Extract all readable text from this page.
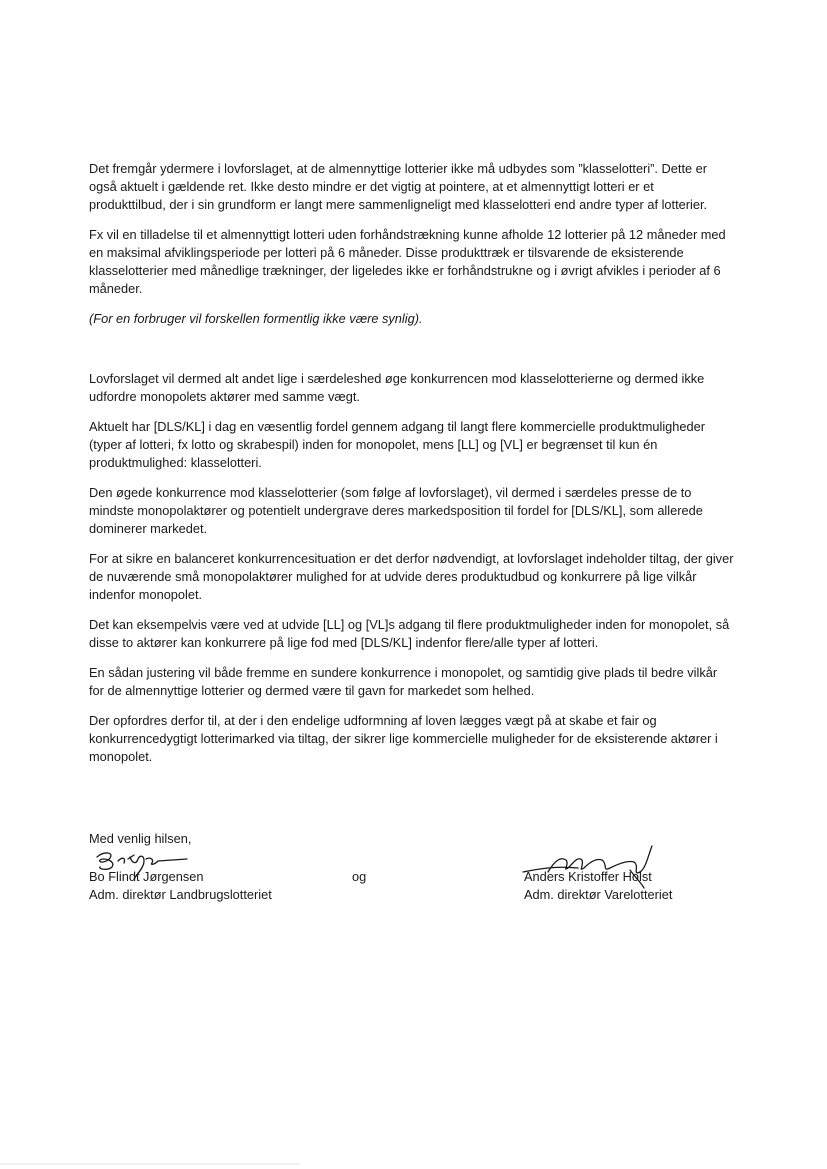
Det fremgår ydermere i lovforslaget, at de almennyttige lotterier ikke må udbydes som ”klasselotteri”. Dette er også aktuelt i gældende ret. Ikke desto mindre er det vigtig at pointere, at et almennyttigt lotteri er et produkttilbud, der i sin grundform er langt mere sammenligneligt med klasselotteri end andre typer af lotterier.

Fx vil en tilladelse til et almennyttigt lotteri uden forhåndstrækning kunne afholde 12 lotterier på 12 måneder med en maksimal afviklingsperiode per lotteri på 6 måneder. Disse produkttræk er tilsvarende de eksisterende klasselotterier med månedlige trækninger, der ligeledes ikke er forhåndstrukne og i øvrigt afvikles i perioder af 6 måneder.

(For en forbruger vil forskellen formentlig ikke være synlig).

Lovforslaget vil dermed alt andet lige i særdeleshed øge konkurrencen mod klasselotterierne og dermed ikke udfordre monopolets aktører med samme vægt.

Aktuelt har [DLS/KL] i dag en væsentlig fordel gennem adgang til langt flere kommercielle produktmuligheder (typer af lotteri, fx lotto og skrabespil) inden for monopolet, mens [LL] og [VL] er begrænset til kun én produktmulighed: klasselotteri.

Den øgede konkurrence mod klasselotterier (som følge af lovforslaget), vil dermed i særdeles presse de to mindste monopolaktører og potentielt undergrave deres markedsposition til fordel for [DLS/KL], som allerede dominerer markedet.

For at sikre en balanceret konkurrencesituation er det derfor nødvendigt, at lovforslaget indeholder tiltag, der giver de nuværende små monopolaktører mulighed for at udvide deres produktudbud og konkurrere på lige vilkår indenfor monopolet.

Det kan eksempelvis være ved at udvide [LL] og [VL]s adgang til flere produktmuligheder inden for monopolet, så disse to aktører kan konkurrere på lige fod med [DLS/KL] indenfor flere/alle typer af lotteri.

En sådan justering vil både fremme en sundere konkurrence i monopolet, og samtidig give plads til bedre vilkår for de almennyttige lotterier og dermed være til gavn for markedet som helhed.

Der opfordres derfor til, at der i den endelige udformning af loven lægges vægt på at skabe et fair og konkurrencedygtigt lotterimarked via tiltag, der sikrer lige kommercielle muligheder for de eksisterende aktører i monopolet.

Med venlig hilsen,
Bo Flindt Jørgensen
Adm. direktør Landbrugslotteriet
og	Anders Kristoffer Holst
Adm. direktør Varelotteriet
